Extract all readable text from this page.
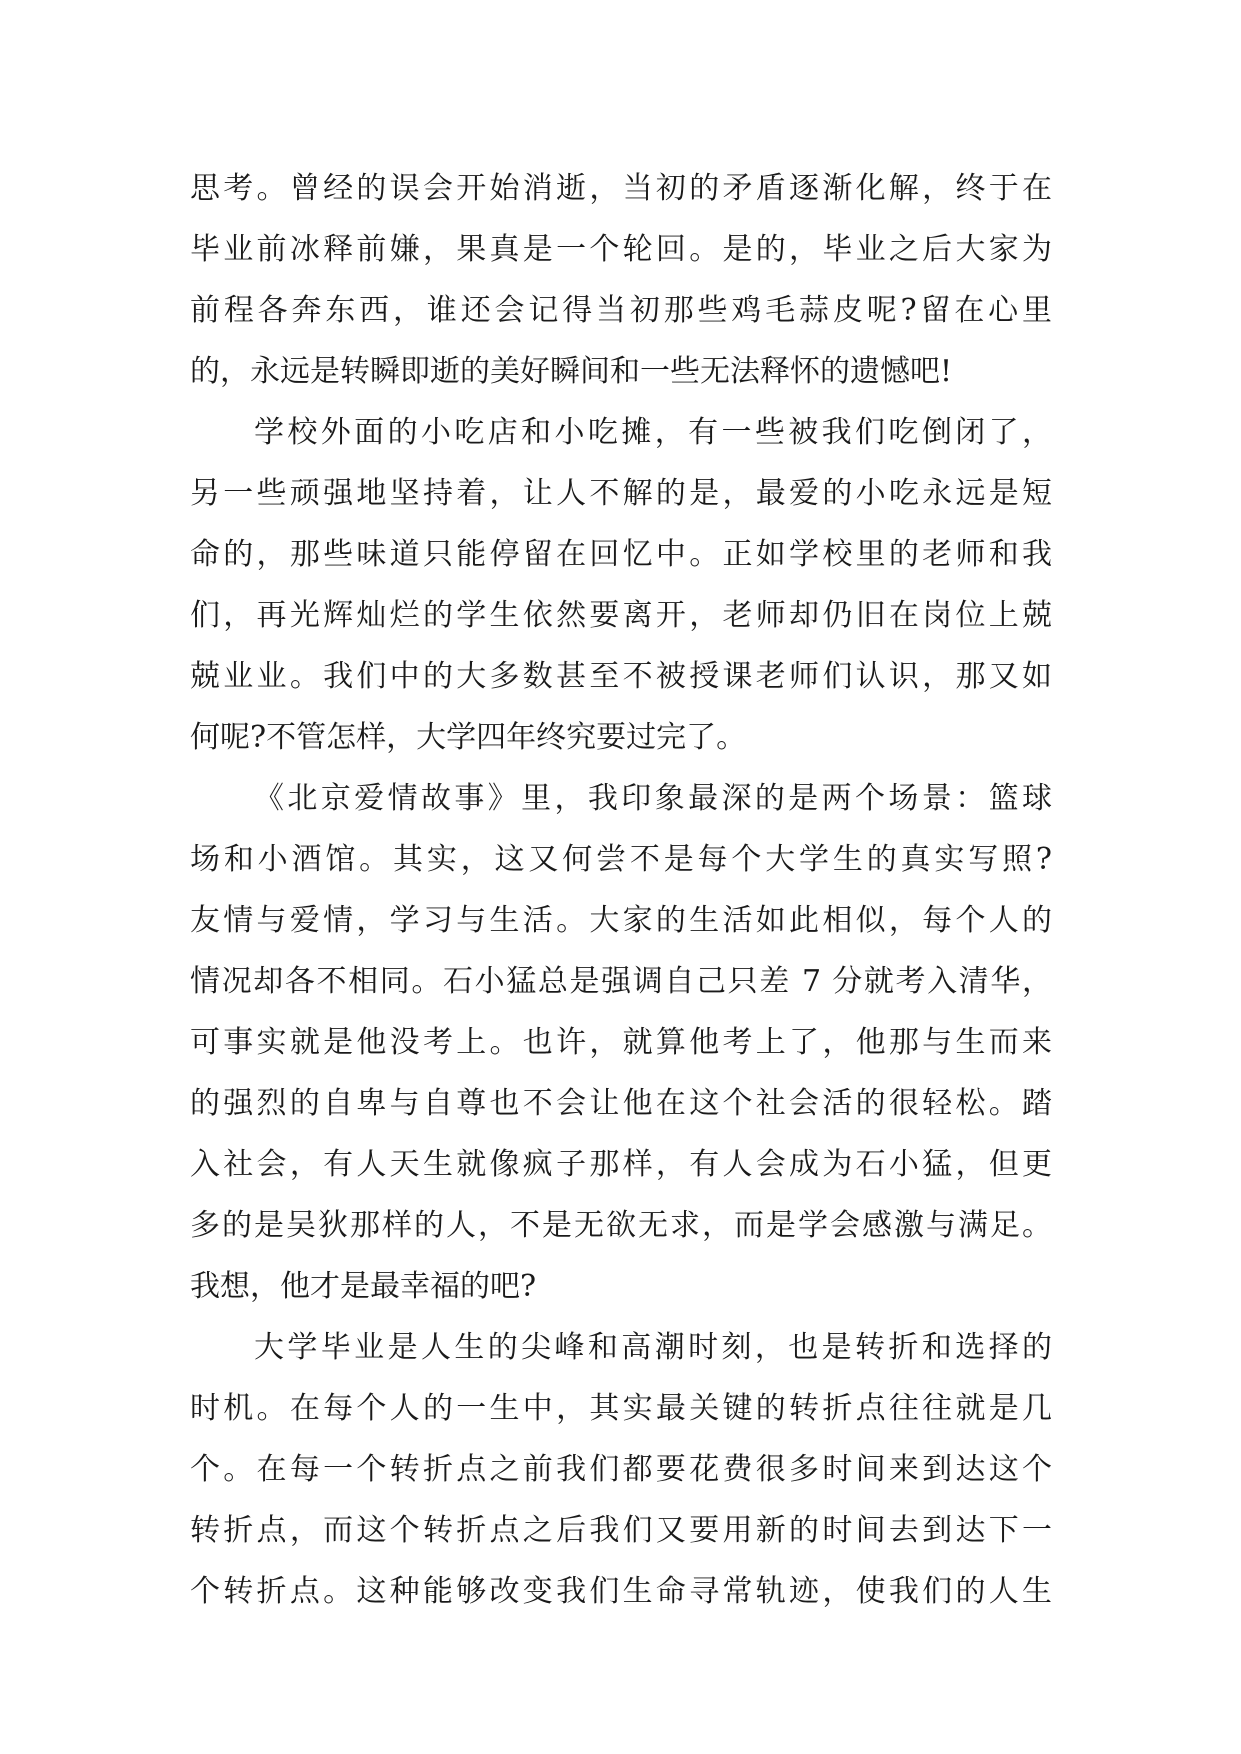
思考。曾经的误会开始消逝，当初的矛盾逐渐化解，终于在
毕业前冰释前嫌，果真是一个轮回。是的，毕业之后大家为
前程各奔东西，谁还会记得当初那些鸡毛蒜皮呢?留在心里
的，永远是转瞬即逝的美好瞬间和一些无法释怀的遗憾吧!
学校外面的小吃店和小吃摊，有一些被我们吃倒闭了，
另一些顽强地坚持着，让人不解的是，最爱的小吃永远是短
命的，那些味道只能停留在回忆中。正如学校里的老师和我
们，再光辉灿烂的学生依然要离开，老师却仍旧在岗位上兢
兢业业。我们中的大多数甚至不被授课老师们认识，那又如
何呢?不管怎样，大学四年终究要过完了。
《北京爱情故事》里，我印象最深的是两个场景：篮球
场和小酒馆。其实，这又何尝不是每个大学生的真实写照?
友情与爱情，学习与生活。大家的生活如此相似，每个人的
情况却各不相同。石小猛总是强调自己只差 7 分就考入清华，
可事实就是他没考上。也许，就算他考上了，他那与生而来
的强烈的自卑与自尊也不会让他在这个社会活的很轻松。踏
入社会，有人天生就像疯子那样，有人会成为石小猛，但更
多的是吴狄那样的人，不是无欲无求，而是学会感激与满足。
我想，他才是最幸福的吧?
大学毕业是人生的尖峰和高潮时刻，也是转折和选择的
时机。在每个人的一生中，其实最关键的转折点往往就是几
个。在每一个转折点之前我们都要花费很多时间来到达这个
转折点，而这个转折点之后我们又要用新的时间去到达下一
个转折点。这种能够改变我们生命寻常轨迹，使我们的人生
